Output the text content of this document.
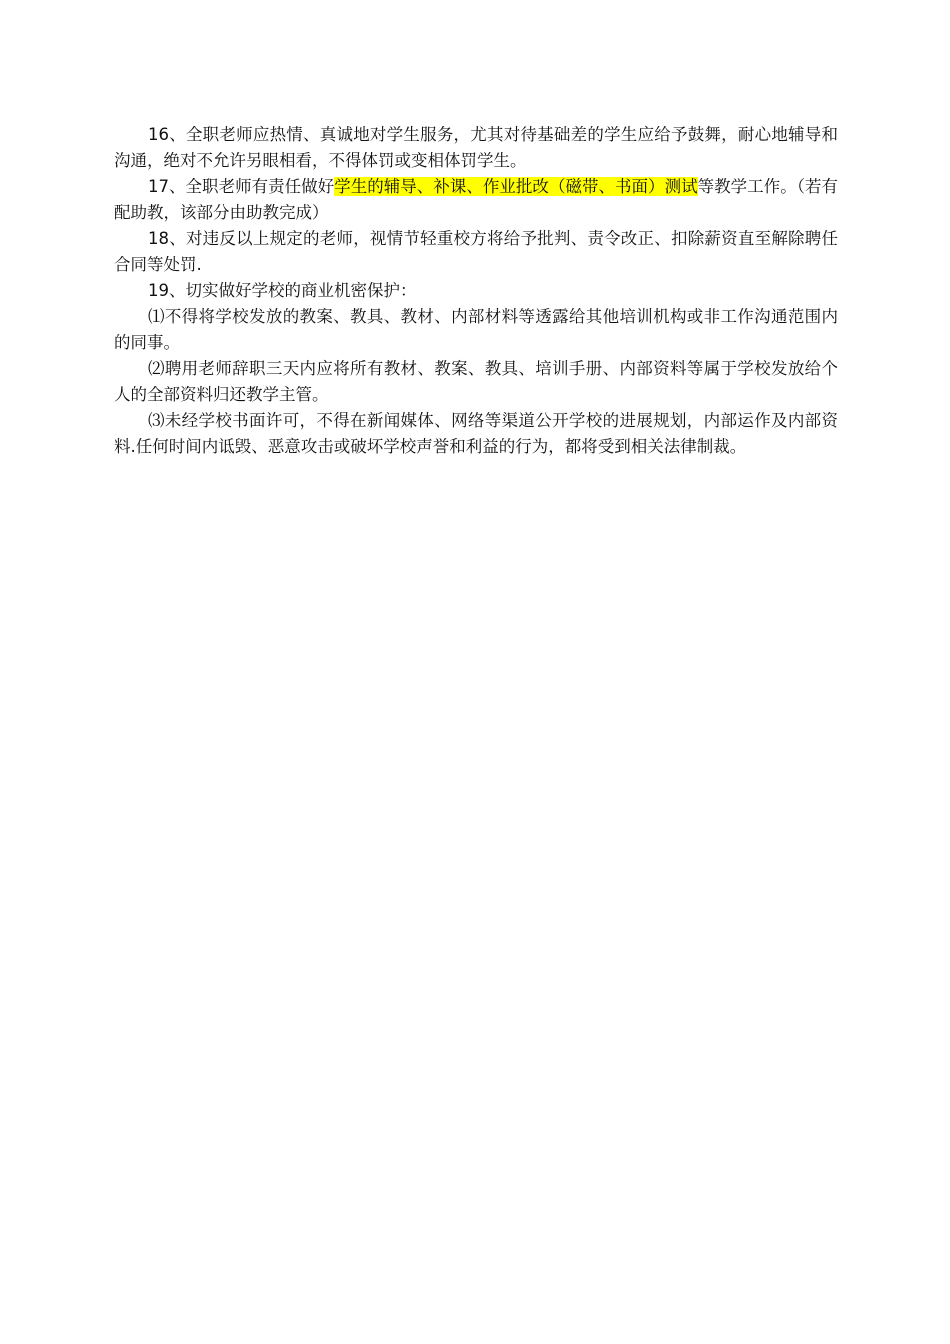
16、全职老师应热情、真诚地对学生服务，尤其对待基础差的学生应给予鼓舞，耐心地辅导和沟通，绝对不允许另眼相看，不得体罚或变相体罚学生。

17、全职老师有责任做好学生的辅导、补课、作业批改（磁带、书面）测试等教学工作。（若有配助教，该部分由助教完成）

18、对违反以上规定的老师，视情节轻重校方将给予批判、责令改正、扣除薪资直至解除聘任合同等处罚.

19、切实做好学校的商业机密保护：

⑴不得将学校发放的教案、教具、教材、内部材料等透露给其他培训机构或非工作沟通范围内的同事。

⑵聘用老师辞职三天内应将所有教材、教案、教具、培训手册、内部资料等属于学校发放给个人的全部资料归还教学主管。

⑶未经学校书面许可，不得在新闻媒体、网络等渠道公开学校的进展规划，内部运作及内部资料.任何时间内诋毁、恶意攻击或破坏学校声誉和利益的行为，都将受到相关法律制裁。
